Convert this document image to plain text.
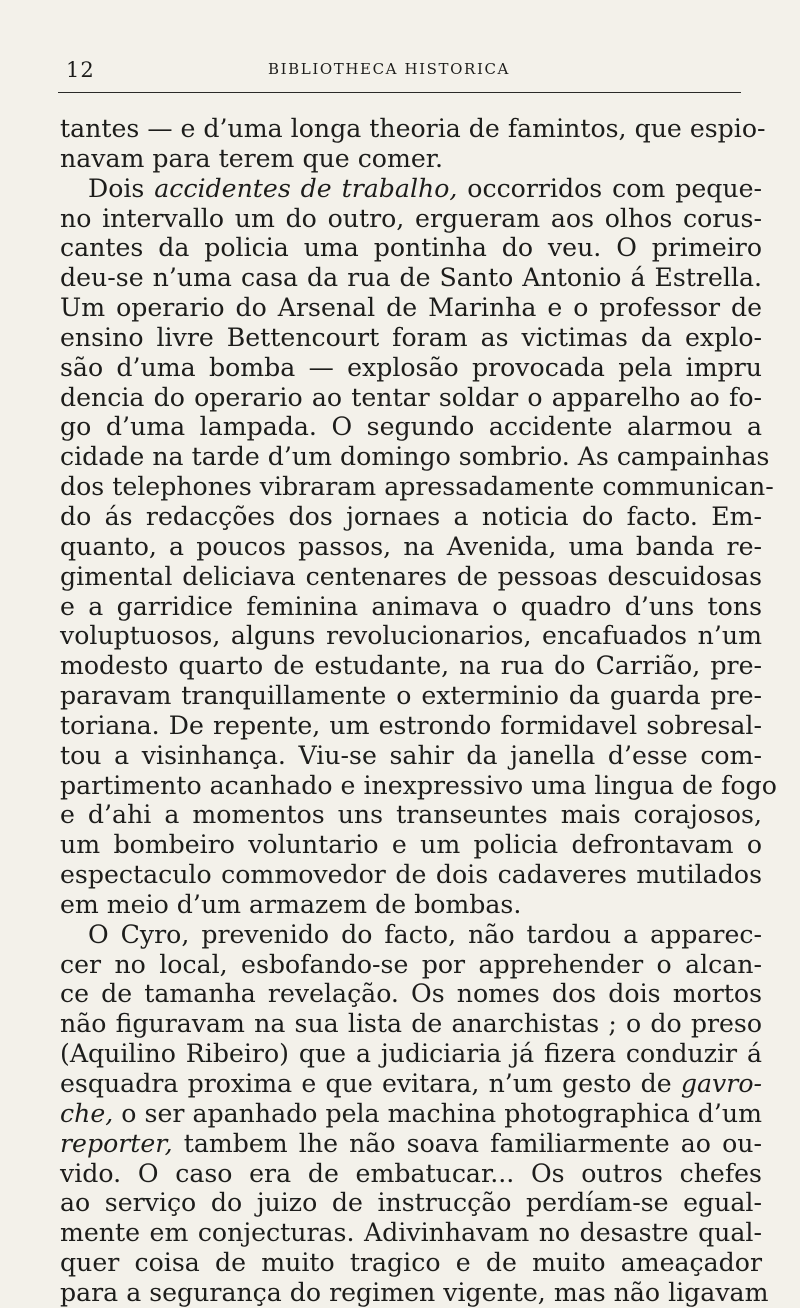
12	BIBLIOTHECA HISTORICA
tantes — e d’uma longa theoria de famintos, que espio-
navam para terem que comer.
Dois accidentes de trabalho, occorridos com peque-
no intervallo um do outro, ergueram aos olhos corus-
cantes da policia uma pontinha do veu. O primeiro
deu-se n’uma casa da rua de Santo Antonio á Estrella.
Um operario do Arsenal de Marinha e o professor de
ensino livre Bettencourt foram as victimas da explo-
são d’uma bomba — explosão provocada pela impru
dencia do operario ao tentar soldar o apparelho ao fo-
go d’uma lampada. O segundo accidente alarmou a
cidade na tarde d’um domingo sombrio. As campainhas
dos telephones vibraram apressadamente communican-
do ás redacções dos jornaes a noticia do facto. Em-
quanto, a poucos passos, na Avenida, uma banda re-
gimental deliciava centenares de pessoas descuidosas
e a garridice feminina animava o quadro d’uns tons
voluptuosos, alguns revolucionarios, encafuados n’um
modesto quarto de estudante, na rua do Carrião, pre-
paravam tranquillamente o exterminio da guarda pre-
toriana. De repente, um estrondo formidavel sobresal-
tou a visinhança. Viu-se sahir da janella d’esse com-
partimento acanhado e inexpressivo uma lingua de fogo
e d’ahi a momentos uns transeuntes mais corajosos,
um bombeiro voluntario e um policia defrontavam o
espectaculo commovedor de dois cadaveres mutilados
em meio d’um armazem de bombas.
O Cyro, prevenido do facto, não tardou a apparec-
cer no local, esbofando-se por apprehender o alcan-
ce de tamanha revelação. Os nomes dos dois mortos
não figuravam na sua lista de anarchistas ; o do preso
(Aquilino Ribeiro) que a judiciaria já fizera conduzir á
esquadra proxima e que evitara, n’um gesto de gavro-
che, o ser apanhado pela machina photographica d’um
reporter, tambem lhe não soava familiarmente ao ou-
vido. O caso era de embatucar... Os outros chefes
ao serviço do juizo de instrucção perdíam-se egual-
mente em conjecturas. Adivinhavam no desastre qual-
quer coisa de muito tragico e de muito ameaçador
para a segurança do regimen vigente, mas não ligavam
